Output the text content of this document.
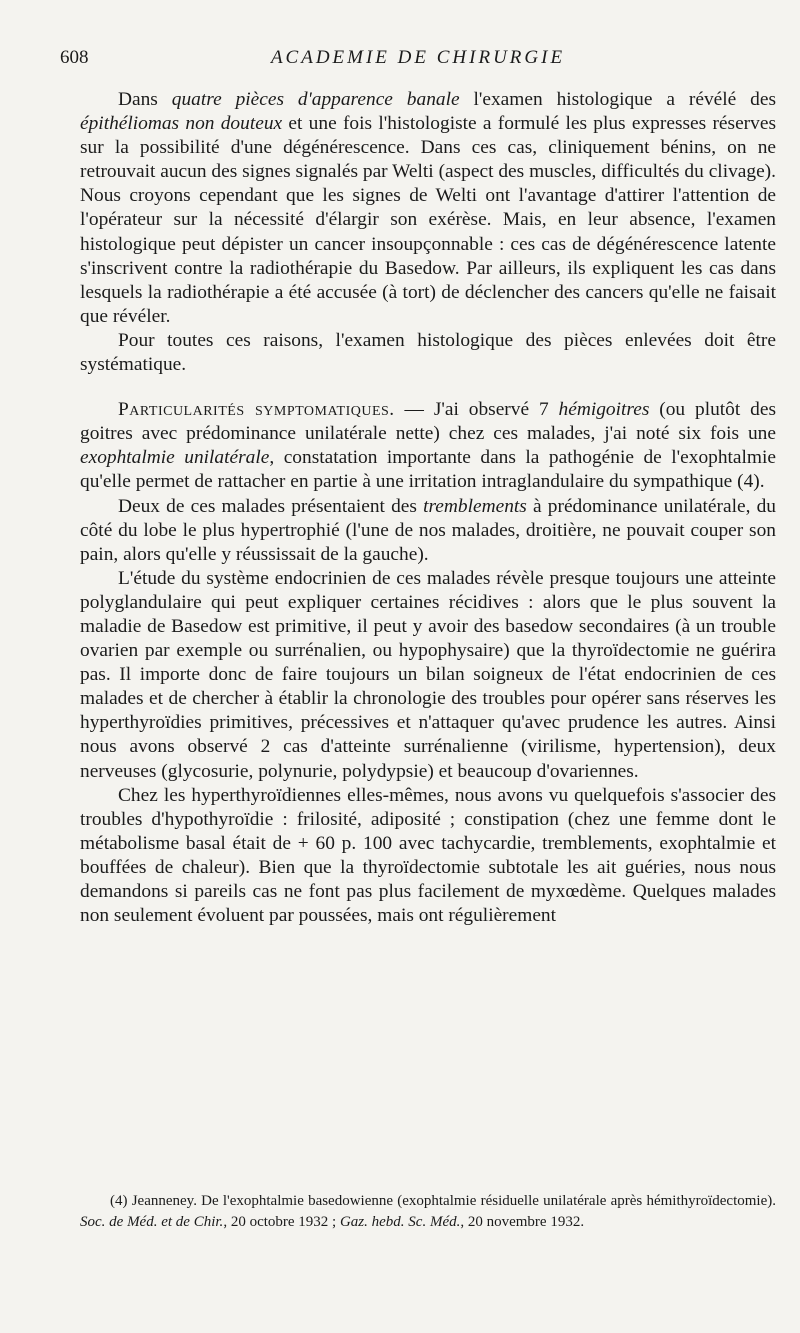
608	ACADEMIE DE CHIRURGIE

Dans quatre pièces d'apparence banale l'examen histologique a révélé des épithéliomas non douteux et une fois l'histologiste a formulé les plus expresses réserves sur la possibilité d'une dégénérescence. Dans ces cas, cliniquement bénins, on ne retrouvait aucun des signes signalés par Welti (aspect des muscles, difficultés du clivage). Nous croyons cependant que les signes de Welti ont l'avantage d'attirer l'attention de l'opérateur sur la nécessité d'élargir son exérèse. Mais, en leur absence, l'examen histologique peut dépister un cancer insoupçonnable : ces cas de dégénérescence latente s'inscrivent contre la radiothérapie du Basedow. Par ailleurs, ils expliquent les cas dans lesquels la radiothérapie a été accusée (à tort) de déclencher des cancers qu'elle ne faisait que révéler.

Pour toutes ces raisons, l'examen histologique des pièces enlevées doit être systématique.

Particularités symptomatiques. — J'ai observé 7 hémigoitres (ou plutôt des goitres avec prédominance unilatérale nette) chez ces malades, j'ai noté six fois une exophtalmie unilatérale, constatation importante dans la pathogénie de l'exophtalmie qu'elle permet de rattacher en partie à une irritation intraglandulaire du sympathique (4).

Deux de ces malades présentaient des tremblements à prédominance unilatérale, du côté du lobe le plus hypertrophié (l'une de nos malades, droitière, ne pouvait couper son pain, alors qu'elle y réussissait de la gauche).

L'étude du système endocrinien de ces malades révèle presque toujours une atteinte polyglandulaire qui peut expliquer certaines récidives : alors que le plus souvent la maladie de Basedow est primitive, il peut y avoir des basedow secondaires (à un trouble ovarien par exemple ou surrénalien, ou hypophysaire) que la thyroïdectomie ne guérira pas. Il importe donc de faire toujours un bilan soigneux de l'état endocrinien de ces malades et de chercher à établir la chronologie des troubles pour opérer sans réserves les hyperthyroïdies primitives, précessives et n'attaquer qu'avec prudence les autres. Ainsi nous avons observé 2 cas d'atteinte surrénalienne (virilisme, hypertension), deux nerveuses (glycosurie, polynurie, polydypsie) et beaucoup d'ovariennes.

Chez les hyperthyroïdiennes elles-mêmes, nous avons vu quelquefois s'associer des troubles d'hypothyroïdie : frilosité, adiposité ; constipation (chez une femme dont le métabolisme basal était de + 60 p. 100 avec tachycardie, tremblements, exophtalmie et bouffées de chaleur). Bien que la thyroïdectomie subtotale les ait guéries, nous nous demandons si pareils cas ne font pas plus facilement de myxœdème. Quelques malades non seulement évoluent par poussées, mais ont régulièrement

(4) Jeanneney. De l'exophtalmie basedowienne (exophtalmie résiduelle unilatérale après hémithyroïdectomie). Soc. de Méd. et de Chir., 20 octobre 1932 ; Gaz. hebd. Sc. Méd., 20 novembre 1932.
